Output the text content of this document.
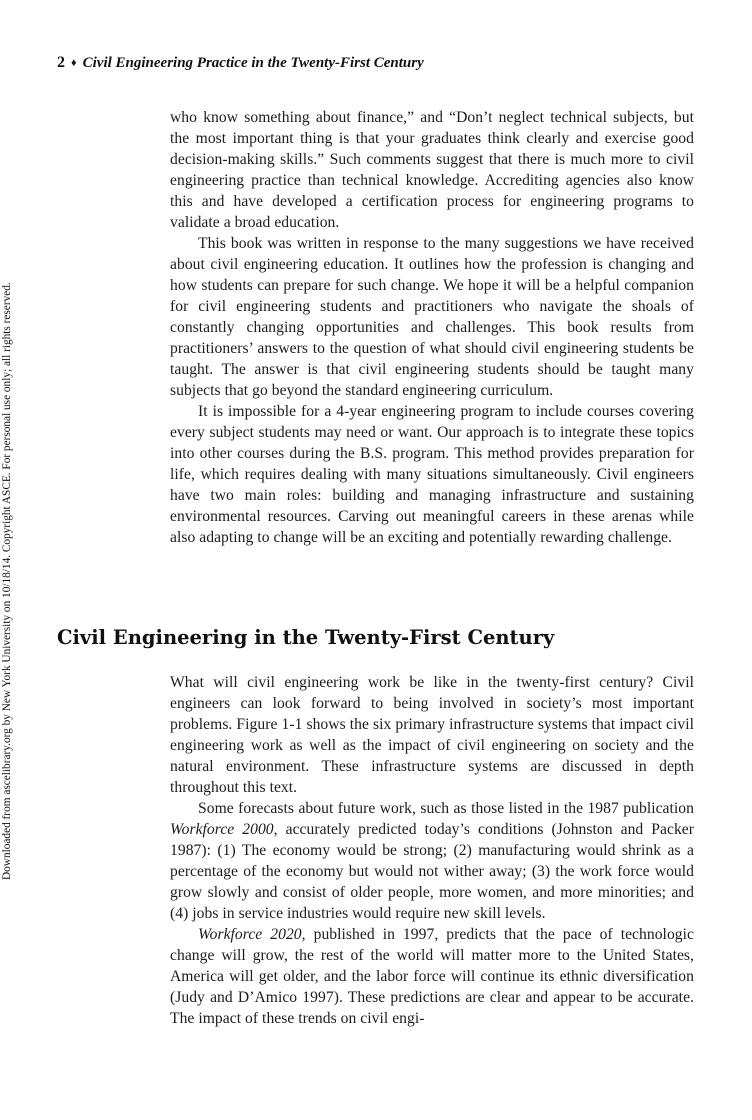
Downloaded from ascelibrary.org by New York University on 10/18/14. Copyright ASCE. For personal use only; all rights reserved.
2 ♦ Civil Engineering Practice in the Twenty-First Century

who know something about finance,” and “Don’t neglect technical subjects, but the most important thing is that your graduates think clearly and exercise good decision-making skills.” Such comments suggest that there is much more to civil engineering practice than technical knowledge. Accrediting agencies also know this and have developed a certification process for engineering programs to validate a broad education.

This book was written in response to the many suggestions we have received about civil engineering education. It outlines how the profession is changing and how students can prepare for such change. We hope it will be a helpful companion for civil engineering students and practitioners who navigate the shoals of constantly changing opportunities and challenges. This book results from practitioners’ answers to the question of what should civil engineering students be taught. The answer is that civil engineering students should be taught many subjects that go beyond the standard engineering curriculum.

It is impossible for a 4-year engineering program to include courses covering every subject students may need or want. Our approach is to integrate these topics into other courses during the B.S. program. This method provides preparation for life, which requires dealing with many situations simultaneously. Civil engineers have two main roles: building and managing infrastructure and sustaining environmental resources. Carving out meaningful careers in these arenas while also adapting to change will be an exciting and potentially rewarding challenge.

Civil Engineering in the Twenty-First Century

What will civil engineering work be like in the twenty-first century? Civil engineers can look forward to being involved in society’s most important problems. Figure 1-1 shows the six primary infrastructure systems that impact civil engineering work as well as the impact of civil engineering on society and the natural environment. These infrastructure systems are discussed in depth throughout this text.

Some forecasts about future work, such as those listed in the 1987 publication Workforce 2000, accurately predicted today’s conditions (Johnston and Packer 1987): (1) The economy would be strong; (2) manufacturing would shrink as a percentage of the economy but would not wither away; (3) the work force would grow slowly and consist of older people, more women, and more minorities; and (4) jobs in service industries would require new skill levels.

Workforce 2020, published in 1997, predicts that the pace of technologic change will grow, the rest of the world will matter more to the United States, America will get older, and the labor force will continue its ethnic diversification (Judy and D’Amico 1997). These predictions are clear and appear to be accurate. The impact of these trends on civil engi-
